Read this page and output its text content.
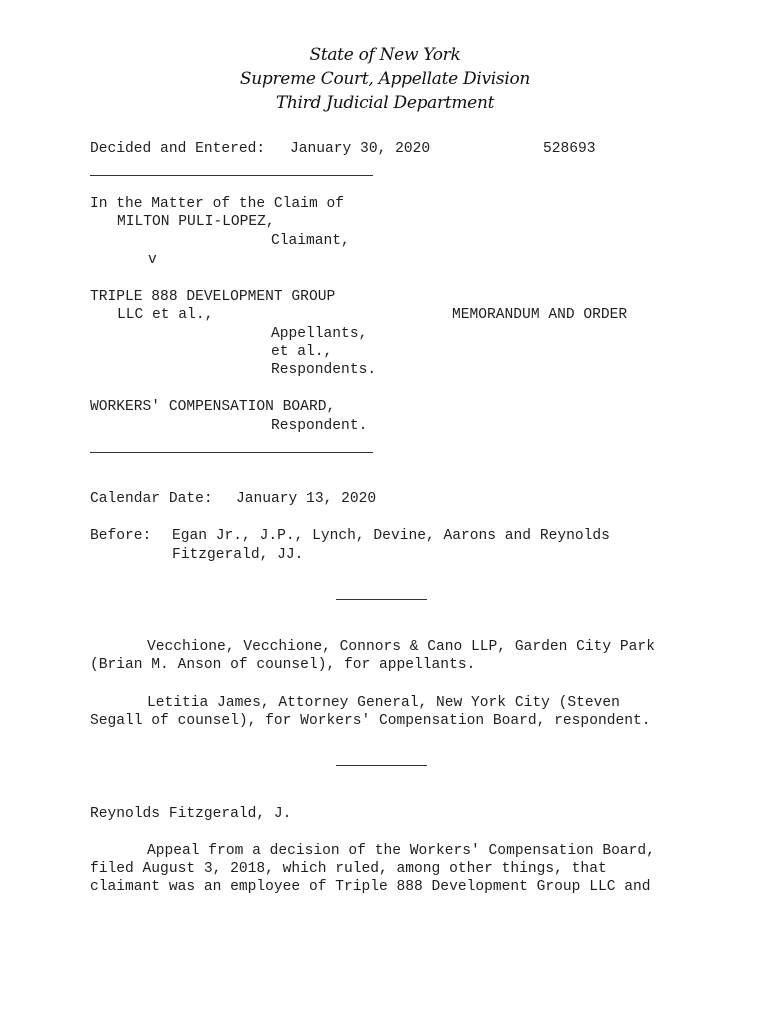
State of New York
Supreme Court, Appellate Division
Third Judicial Department
Decided and Entered: January 30, 2020	528693
In the Matter of the Claim of
MILTON PULI-LOPEZ,
Claimant,
v
TRIPLE 888 DEVELOPMENT GROUP
LLC et al.,	MEMORANDUM AND ORDER
Appellants,
et al.,
Respondents.
WORKERS' COMPENSATION BOARD,
Respondent.
Calendar Date: January 13, 2020
Before: Egan Jr., J.P., Lynch, Devine, Aarons and Reynolds
Fitzgerald, JJ.
Vecchione, Vecchione, Connors & Cano LLP, Garden City Park
(Brian M. Anson of counsel), for appellants.
Letitia James, Attorney General, New York City (Steven
Segall of counsel), for Workers' Compensation Board, respondent.
Reynolds Fitzgerald, J.
Appeal from a decision of the Workers' Compensation Board,
filed August 3, 2018, which ruled, among other things, that
claimant was an employee of Triple 888 Development Group LLC and
